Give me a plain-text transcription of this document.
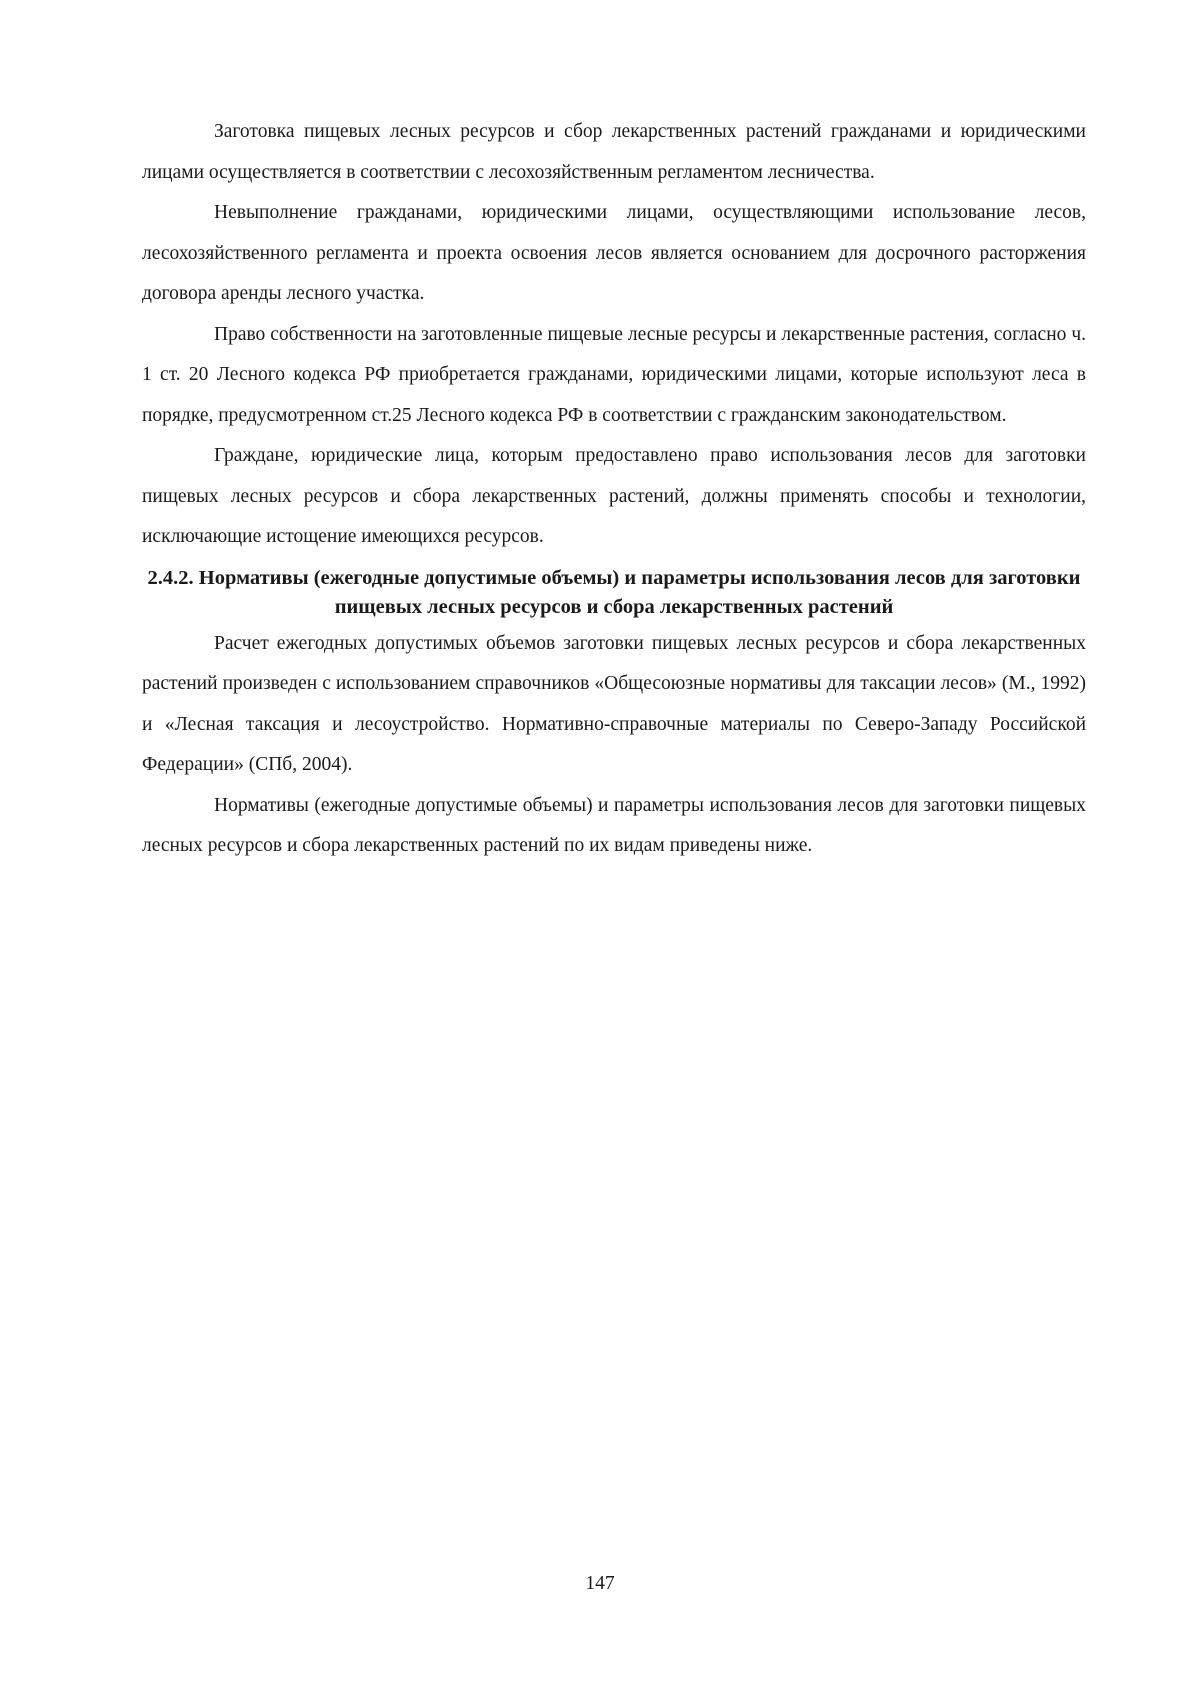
Заготовка пищевых лесных ресурсов и сбор лекарственных растений гражданами и юридическими лицами осуществляется в соответствии с лесохозяйственным регламентом лесничества.

Невыполнение гражданами, юридическими лицами, осуществляющими использование лесов, лесохозяйственного регламента и проекта освоения лесов является основанием для досрочного расторжения договора аренды лесного участка.

Право собственности на заготовленные пищевые лесные ресурсы и лекарственные растения, согласно ч. 1 ст. 20 Лесного кодекса РФ приобретается гражданами, юридическими лицами, которые используют леса в порядке, предусмотренном ст.25 Лесного кодекса РФ в соответствии с гражданским законодательством.

Граждане, юридические лица, которым предоставлено право использования лесов для заготовки пищевых лесных ресурсов и сбора лекарственных растений, должны применять способы и технологии, исключающие истощение имеющихся ресурсов.

2.4.2. Нормативы (ежегодные допустимые объемы) и параметры использования лесов для заготовки пищевых лесных ресурсов и сбора лекарственных растений

Расчет ежегодных допустимых объемов заготовки пищевых лесных ресурсов и сбора лекарственных растений произведен с использованием справочников «Общесоюзные нормативы для таксации лесов» (М., 1992) и «Лесная таксация и лесоустройство. Нормативно-справочные материалы по Северо-Западу Российской Федерации» (СПб, 2004).

Нормативы (ежегодные допустимые объемы) и параметры использования лесов для заготовки пищевых лесных ресурсов и сбора лекарственных растений по их видам приведены ниже.

147
